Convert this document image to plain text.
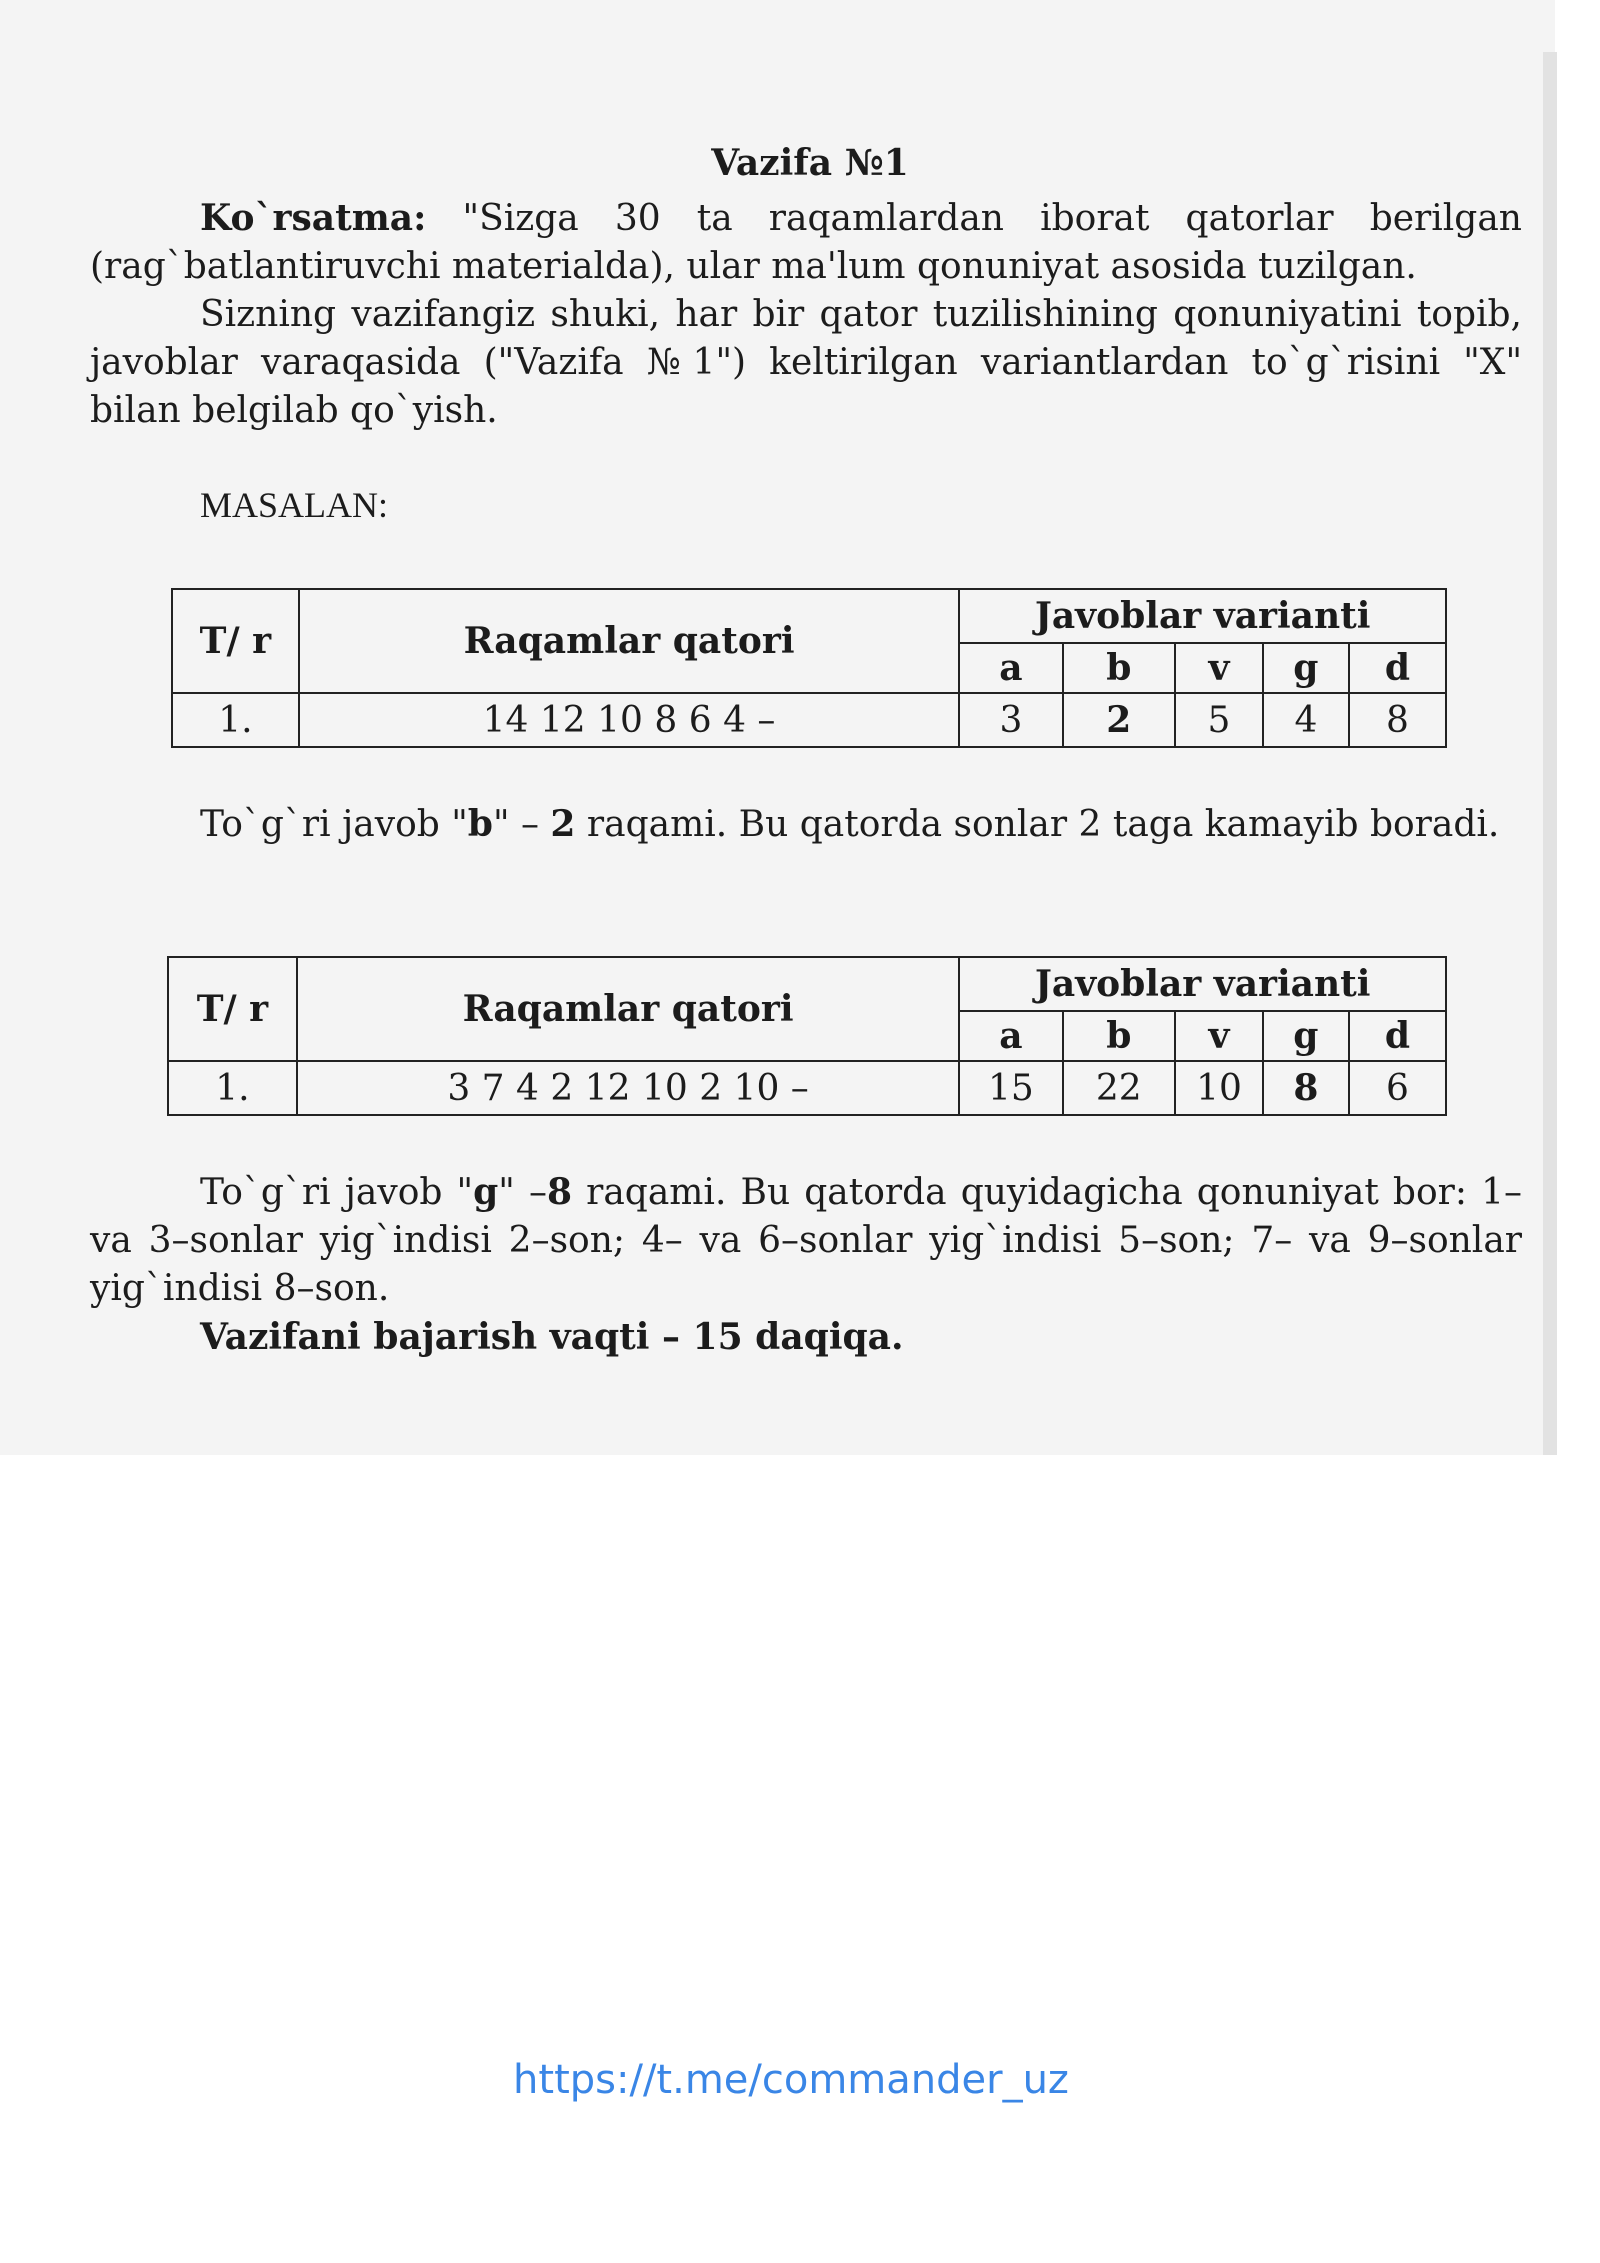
Vazifa №1

Ko`rsatma: "Sizga 30 ta raqamlardan iborat qatorlar berilgan (rag`batlantiruvchi materialda), ular ma'lum qonuniyat asosida tuzilgan.

Sizning vazifangiz shuki, har bir qator tuzilishining qonuniyatini topib, javoblar varaqasida ("Vazifa №1") keltirilgan variantlardan to`g`risini "X" bilan belgilab qo`yish.

MASALAN:
T/ r	Raqamlar qatori	Javoblar varianti				
		a	b	v	g	d
1.	14 12 10 8 6 4 –	3	2	5	4	8

To`g`ri javob "b" – 2 raqami. Bu qatorda sonlar 2 taga kamayib boradi.

T/ r	Raqamlar qatori	Javoblar varianti				
		a	b	v	g	d
1.	3 7 4 2 12 10 2 10 –	15	22	10	8	6

To`g`ri javob "g" –8 raqami. Bu qatorda quyidagicha qonuniyat bor: 1– va 3–sonlar yig`indisi 2–son; 4– va 6–sonlar yig`indisi 5–son; 7– va 9–sonlar yig`indisi 8–son.

Vazifani bajarish vaqti – 15 daqiqa.

https://t.me/commander_uz
